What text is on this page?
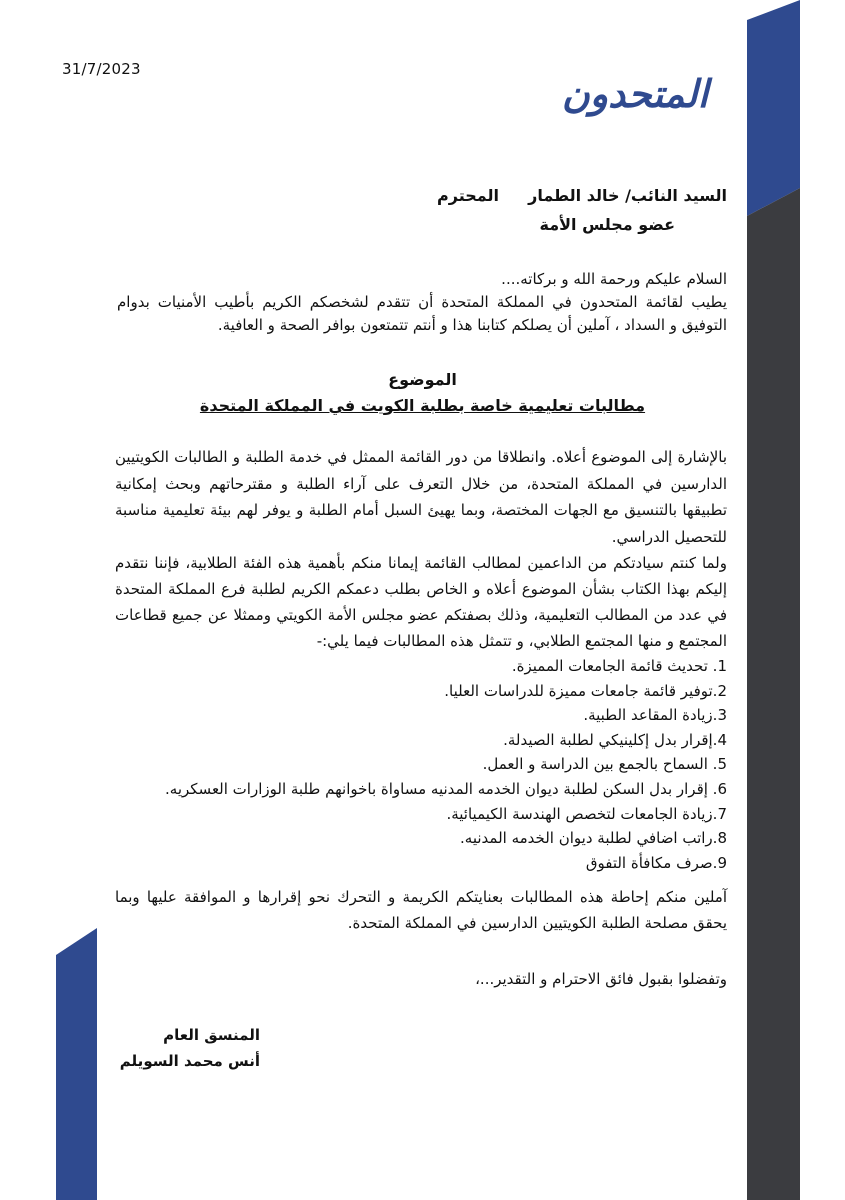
31/7/2023
المتحدون
السيد النائب/ خالد الطمار
المحترم
عضو مجلس الأمة
السلام عليكم ورحمة الله و بركاته....
يطيب لقائمة المتحدون في المملكة المتحدة أن تتقدم لشخصكم الكريم بأطيب الأمنيات بدوام التوفيق و السداد ، آملين أن يصلكم كتابنا هذا و أنتم تتمتعون بوافر الصحة و العافية.
الموضوع
مطالبات تعليمية خاصة بطلبة الكويت في المملكة المتحدة
بالإشارة إلى الموضوع أعلاه. وانطلاقا من دور القائمة الممثل في خدمة الطلبة و الطالبات الكويتيين الدارسين في المملكة المتحدة، من خلال التعرف على آراء الطلبة و مقترحاتهم وبحث إمكانية تطبيقها بالتنسيق مع الجهات المختصة، وبما يهيئ السبل أمام الطلبة و يوفر لهم بيئة تعليمية مناسبة للتحصيل الدراسي.
ولما كنتم سيادتكم من الداعمين لمطالب القائمة إيمانا منكم بأهمية هذه الفئة الطلابية، فإننا نتقدم إليكم بهذا الكتاب بشأن الموضوع أعلاه و الخاص بطلب دعمكم الكريم لطلبة فرع المملكة المتحدة في عدد من المطالب التعليمية، وذلك بصفتكم عضو مجلس الأمة الكويتي وممثلا عن جميع قطاعات المجتمع و منها المجتمع الطلابي، و تتمثل هذه المطالبات فيما يلي:-
1. تحديث قائمة الجامعات المميزة.
2.توفير قائمة جامعات مميزة للدراسات العليا.
3.زيادة المقاعد الطبية.
4.إقرار بدل إكلينيكي لطلبة الصيدلة.
5. السماح بالجمع بين الدراسة و العمل.
6. إقرار بدل السكن لطلبة ديوان الخدمه المدنيه مساواة باخوانهم طلبة الوزارات العسكريه.
7.زيادة الجامعات لتخصص الهندسة الكيميائية.
8.راتب اضافي لطلبة ديوان الخدمه المدنيه.
9.صرف مكافأة التفوق
آملين منكم إحاطة هذه المطالبات بعنايتكم الكريمة و التحرك نحو إقرارها و الموافقة عليها وبما يحقق مصلحة الطلبة الكويتيين الدارسين في المملكة المتحدة.
وتفضلوا بقبول فائق الاحترام و التقدير...،
المنسق العام
أنس محمد السويلم
